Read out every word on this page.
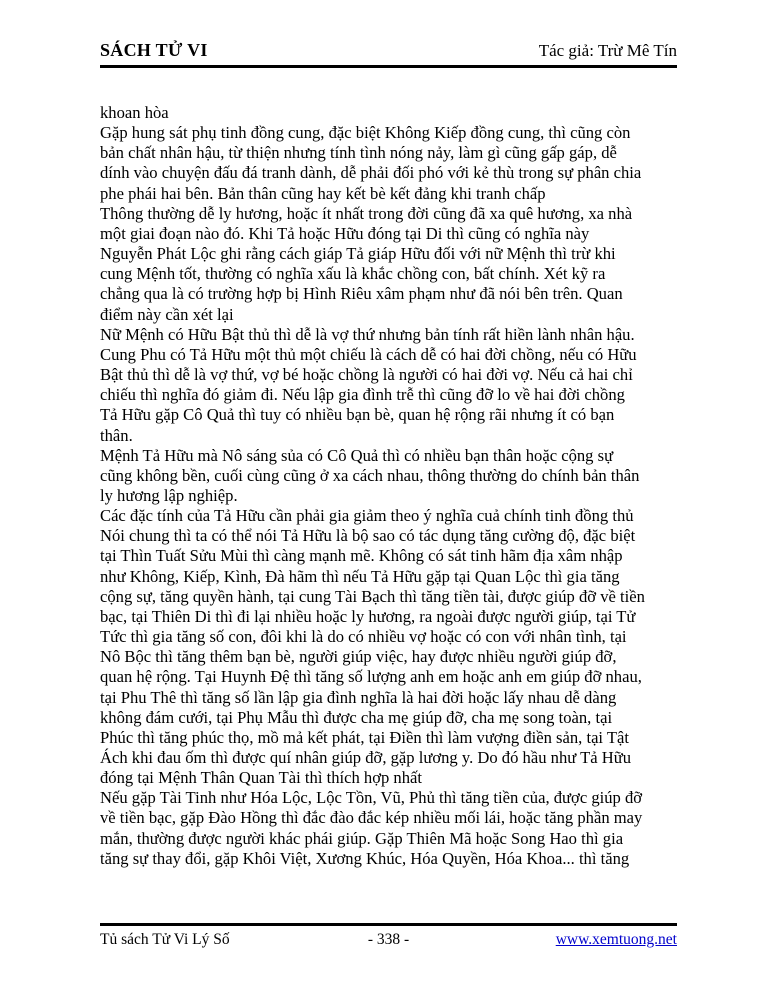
SÁCH TỬ VI	Tác giả: Trừ Mê Tín
khoan hòa
Gặp hung sát phụ tinh đồng cung, đặc biệt Không Kiếp đồng cung, thì cũng còn
bản chất nhân hậu, từ thiện nhưng tính tình nóng nảy, làm gì cũng gấp gáp, dễ
dính vào chuyện đấu đá tranh dành, dễ phải đối phó với kẻ thù trong sự phân chia
phe phái hai bên. Bản thân cũng hay kết bè kết đảng khi tranh chấp
Thông thường dễ ly hương, hoặc ít nhất trong đời cũng đã xa quê hương, xa nhà
một giai đoạn nào đó. Khi Tả hoặc Hữu đóng tại Di thì cũng có nghĩa này
Nguyễn Phát Lộc ghi rằng cách giáp Tả giáp Hữu đối với nữ Mệnh thì trừ khi
cung Mệnh tốt, thường có nghĩa xấu là khắc chồng con, bất chính. Xét kỹ ra
chẳng qua là có trường hợp bị Hình Riêu xâm phạm như đã nói bên trên. Quan
điểm này cần xét lại
Nữ Mệnh có Hữu Bật thủ thì dễ là vợ thứ nhưng bản tính rất hiền lành nhân hậu.
Cung Phu có Tả Hữu một thủ một chiếu là cách dễ có hai đời chồng, nếu có Hữu
Bật thủ thì dễ là vợ thứ, vợ bé hoặc chồng là người có hai đời vợ. Nếu cả hai chỉ
chiếu thì nghĩa đó giảm đi. Nếu lập gia đình trễ thì cũng đỡ lo về hai đời chồng
Tả Hữu gặp Cô Quả thì tuy có nhiều bạn bè, quan hệ rộng rãi nhưng ít có bạn
thân.
Mệnh Tả Hữu mà Nô sáng sủa có Cô Quả thì có nhiều bạn thân hoặc cộng sự
cũng không bền, cuối cùng cũng ở xa cách nhau, thông thường do chính bản thân
ly hương lập nghiệp.
Các đặc tính của Tả Hữu cần phải gia giảm theo ý nghĩa cuả chính tinh đồng thủ
Nói chung thì ta có thể nói Tả Hữu là bộ sao có tác dụng tăng cường độ, đặc biệt
tại Thìn Tuất Sửu Mùi thì càng mạnh mẽ. Không có sát tinh hãm địa xâm nhập
như Không, Kiếp, Kình, Đà hãm thì nếu Tả Hữu gặp tại Quan Lộc thì gia tăng
cộng sự, tăng quyền hành, tại cung Tài Bạch thì tăng tiền tài, được giúp đỡ về tiền
bạc, tại Thiên Di thì đi lại nhiều hoặc ly hương, ra ngoài được người giúp, tại Tử
Tức thì gia tăng số con, đôi khi là do có nhiều vợ hoặc có con với nhân tình, tại
Nô Bộc thì tăng thêm bạn bè, người giúp việc, hay được nhiều người giúp đỡ,
quan hệ rộng. Tại Huynh Đệ thì tăng số lượng anh em hoặc anh em giúp đỡ nhau,
tại Phu Thê thì tăng số lần lập gia đình nghĩa là hai đời hoặc lấy nhau dễ dàng
không đám cưới, tại Phụ Mẫu thì được cha mẹ giúp đỡ, cha mẹ song toàn, tại
Phúc thì tăng phúc thọ, mồ mả kết phát, tại Điền thì làm vượng điền sản, tại Tật
Ách khi đau ốm thì được quí nhân giúp đỡ, gặp lương y. Do đó hầu như Tả Hữu
đóng tại Mệnh Thân Quan Tài thì thích hợp nhất
Nếu gặp Tài Tinh như Hóa Lộc, Lộc Tồn, Vũ, Phủ thì tăng tiền của, được giúp đỡ
về tiền bạc, gặp Đào Hồng thì đắc đào đắc kép nhiều mối lái, hoặc tăng phần may
mắn, thường được người khác phái giúp. Gặp Thiên Mã hoặc Song Hao thì gia
tăng sự thay đổi, gặp Khôi Việt, Xương Khúc, Hóa Quyền, Hóa Khoa... thì tăng
Tủ sách Tử Vi Lý Số	- 338 -	www.xemtuong.net
